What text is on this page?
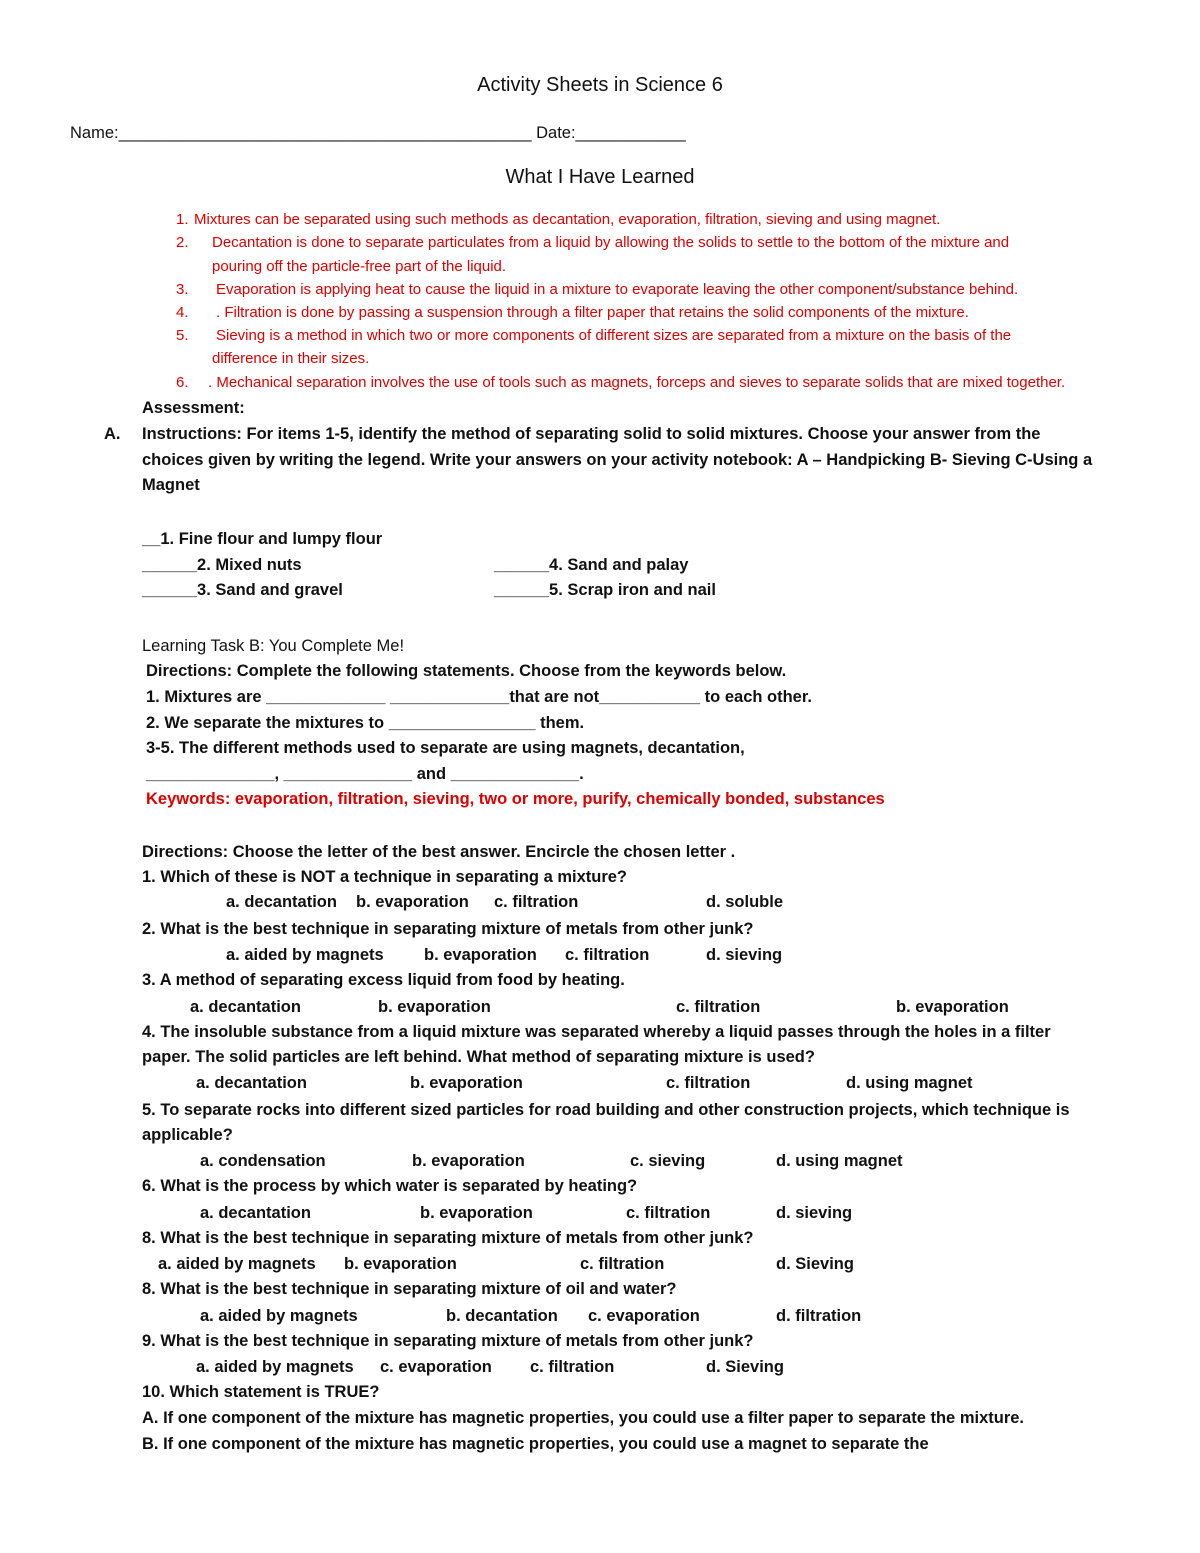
Activity Sheets in Science 6
Name:_____________________________________________ Date:____________
What I Have Learned
1. Mixtures can be separated using such methods as decantation, evaporation, filtration, sieving and using magnet.
2. Decantation is done to separate particulates from a liquid by allowing the solids to settle to the bottom of the mixture and
pouring off the particle-free part of the liquid.
3. Evaporation is applying heat to cause the liquid in a mixture to evaporate leaving the other component/substance behind.
4. . Filtration is done by passing a suspension through a filter paper that retains the solid components of the mixture.
5. Sieving is a method in which two or more components of different sizes are separated from a mixture on the basis of the
difference in their sizes.
6. . Mechanical separation involves the use of tools such as magnets, forceps and sieves to separate solids that are mixed together.
Assessment:
A. Instructions: For items 1-5, identify the method of separating solid to solid mixtures. Choose your answer from the
choices given by writing the legend. Write your answers on your activity notebook: A – Handpicking B- Sieving C-Using a
Magnet
__1. Fine flour and lumpy flour
______2. Mixed nuts
______3. Sand and gravel
______4. Sand and palay
______5. Scrap iron and nail
Learning Task B: You Complete Me!
Directions: Complete the following statements. Choose from the keywords below.
1. Mixtures are _____________ _____________that are not___________ to each other.
2. We separate the mixtures to ________________ them.
3-5. The different methods used to separate are using magnets, decantation,
______________, ______________ and ______________.
Keywords: evaporation, filtration, sieving, two or more, purify, chemically bonded, substances
Directions: Choose the letter of the best answer. Encircle the chosen letter .
1. Which of these is NOT a technique in separating a mixture?
a. decantation b. evaporation c. filtration	d. soluble
2. What is the best technique in separating mixture of metals from other junk?
a. aided by magnets b. evaporation c. filtration	d. sieving
3. A method of separating excess liquid from food by heating.
a. decantation	b. evaporation	c. filtration	b. evaporation
4. The insoluble substance from a liquid mixture was separated whereby a liquid passes through the holes in a filter
paper. The solid particles are left behind. What method of separating mixture is used?
a. decantation	b. evaporation	c. filtration	d. using magnet
5. To separate rocks into different sized particles for road building and other construction projects, which technique is
applicable?
a. condensation	b. evaporation	c. sieving	d. using magnet
6. What is the process by which water is separated by heating?
a. decantation	b. evaporation	c. filtration	d. sieving
8. What is the best technique in separating mixture of metals from other junk?
a. aided by magnets b. evaporation	c. filtration	d. Sieving
8. What is the best technique in separating mixture of oil and water?
a. aided by magnets	b. decantation c. evaporation	d. filtration
9. What is the best technique in separating mixture of metals from other junk?
a. aided by magnets c. evaporation c. filtration	d. Sieving
10. Which statement is TRUE?
A. If one component of the mixture has magnetic properties, you could use a filter paper to separate the mixture.
B. If one component of the mixture has magnetic properties, you could use a magnet to separate the
